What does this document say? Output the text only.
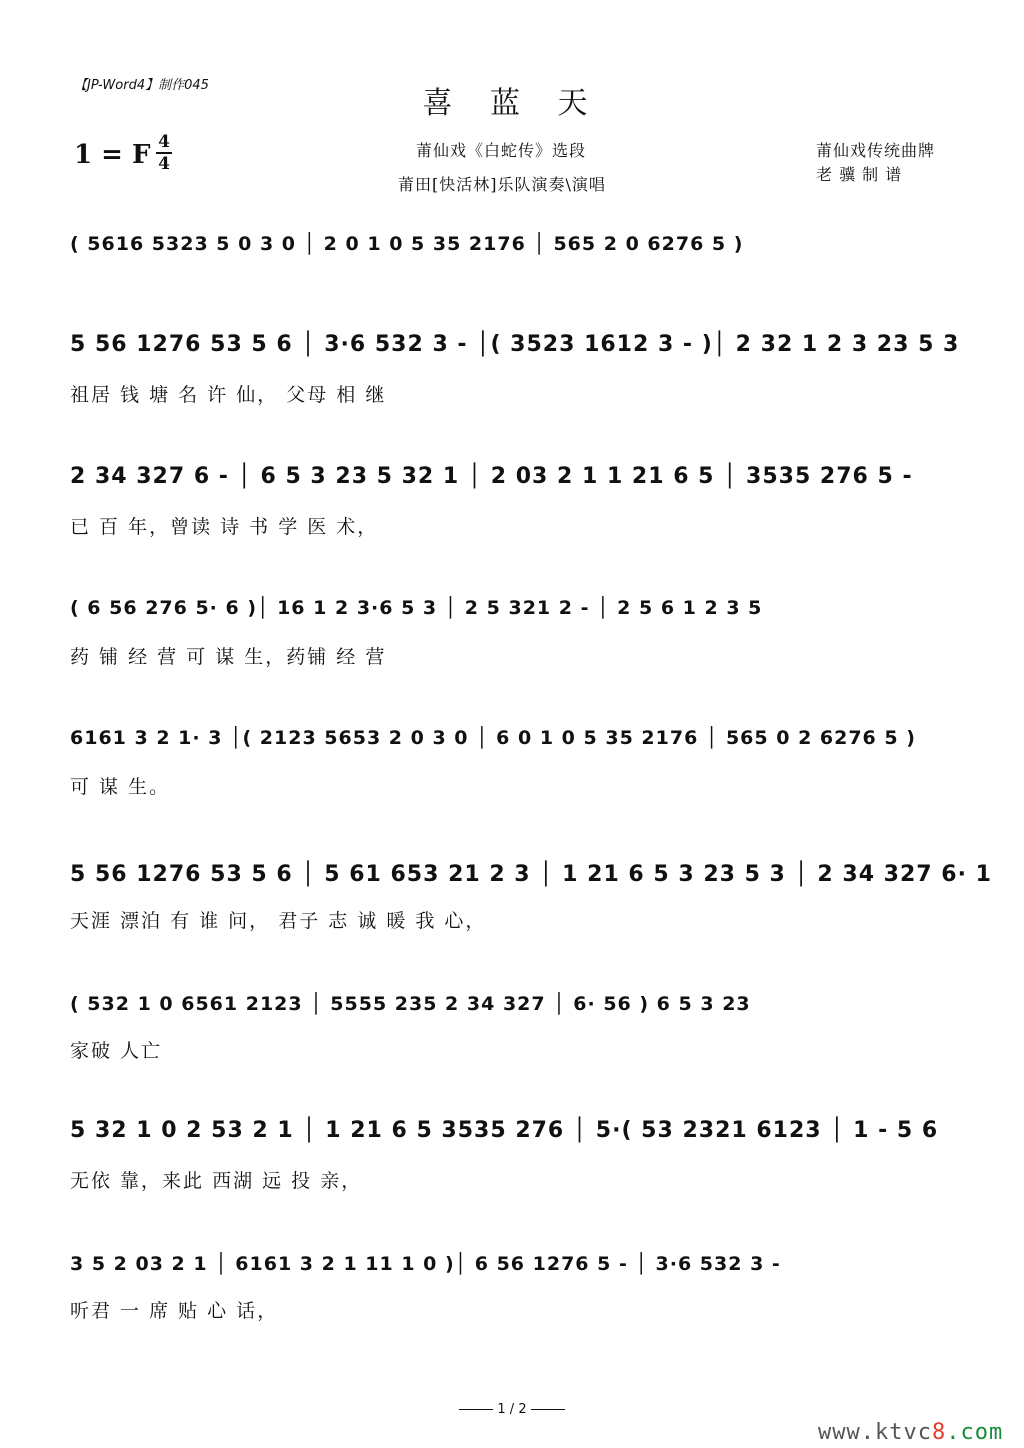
【JP-Word4】制作045
喜 蓝 天
1 = F 4
4
莆仙戏《白蛇传》选段
莆田[快活林]乐队演奏\演唱
莆仙戏传统曲牌
老 骥 制 谱
( 5616 5323 5 0 3 0 │ 2 0 1 0 5 35 2176 │ 565 2 0 6276 5 )
5 56 1276 53 5 6 │ 3·6 532 3 - │( 3523 1612 3 - )│ 2 32 1 2 3 23 5 3
祖居 钱 塘 名 许 仙， 父母 相 继
2 34 327 6 - │ 6 5 3 23 5 32 1 │ 2 03 2 1 1 21 6 5 │ 3535 276 5 -
已 百 年，曾读 诗 书 学 医 术，
( 6 56 276 5· 6 )│ 16 1 2 3·6 5 3 │ 2 5 321 2 - │ 2 5 6 1 2 3 5
药 铺 经 营 可 谋 生，药铺 经 营
6161 3 2 1· 3 │( 2123 5653 2 0 3 0 │ 6 0 1 0 5 35 2176 │ 565 0 2 6276 5 )
可 谋 生。
5 56 1276 53 5 6 │ 5 61 653 21 2 3 │ 1 21 6 5 3 23 5 3 │ 2 34 327 6· 1
天涯 漂泊 有 谁 问， 君子 志 诚 暖 我 心，
( 532 1 0 6561 2123 │ 5555 235 2 34 327 │ 6· 56 ) 6 5 3 23
家破 人亡
5 32 1 0 2 53 2 1 │ 1 21 6 5 3535 276 │ 5·( 53 2321 6123 │ 1 - 5 6
无依 靠，来此 西湖 远 投 亲，
3 5 2 03 2 1 │ 6161 3 2 1 11 1 0 )│ 6 56 1276 5 - │ 3·6 532 3 -
听君 一 席 贴 心 话，
1 / 2
www.ktvc8.com
